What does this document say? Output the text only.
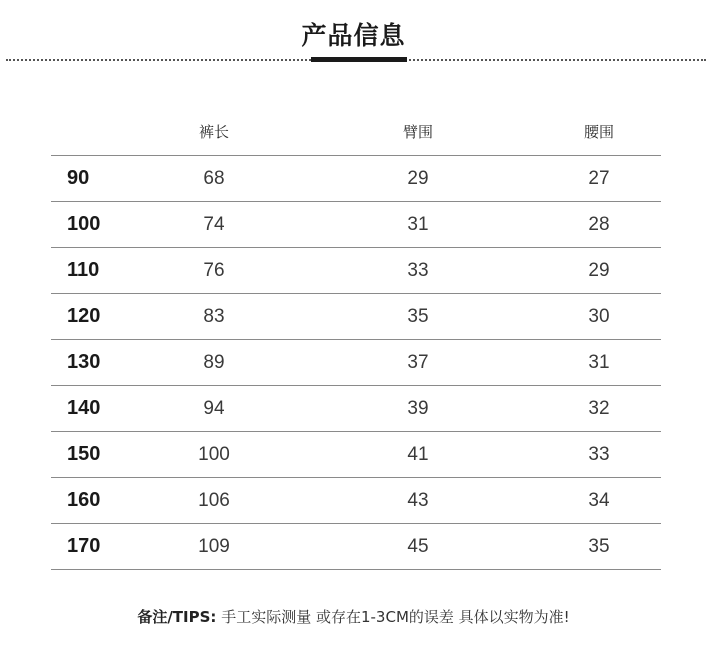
产品信息
	裤长	臂围	腰围
90	68	29	27
100	74	31	28
110	76	33	29
120	83	35	30
130	89	37	31
140	94	39	32
150	100	41	33
160	106	43	34
170	109	45	35
备注/TIPS: 手工实际测量 或存在1-3CM的误差 具体以实物为准!
